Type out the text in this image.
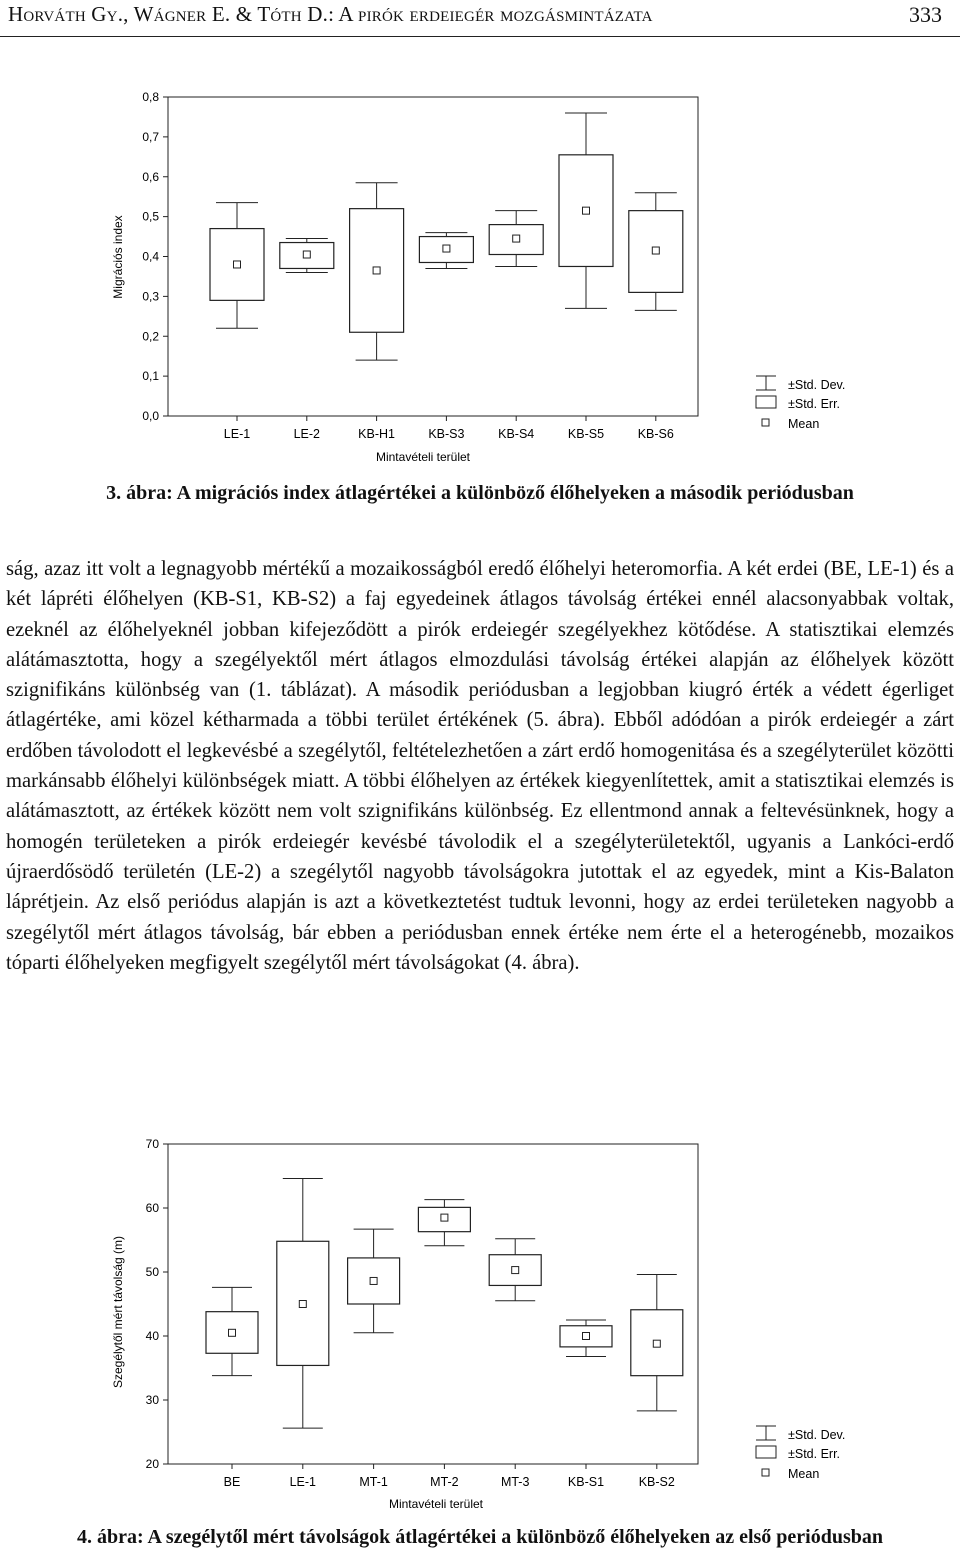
Horváth Gy., Wágner E. & Tóth D.: A pirók erdeiegér mozgásmintázata	333
0,0
0,1
0,2
0,3
0,4
0,5
0,6
0,7
0,8
LE-1	LE-2	KB-H1	KB-S3	KB-S4	KB-S5	KB-S6
Migrációs index
Mintavételi terület
±Std. Dev.
±Std. Err.
Mean
3. ábra: A migrációs index átlagértékei a különböző élőhelyeken a második periódusban

ság, azaz itt volt a legnagyobb mértékű a mozaikosságból eredő élőhelyi heteromorfia. A két erdei (BE, LE-1) és a két lápréti élőhelyen (KB-S1, KB-S2) a faj egyedeinek átlagos távolság értékei ennél alacsonyabbak voltak, ezeknél az élőhelyeknél jobban kifejeződött a pirók erdeiegér szegélyekhez kötődése. A statisztikai elemzés alátámasztotta, hogy a szegélyektől mért átlagos elmozdulási távolság értékei alapján az élőhelyek között szignifikáns különbség van (1. táblázat). A második periódusban a legjobban kiugró érték a védett égerliget átlagértéke, ami közel kétharmada a többi terület értékének (5. ábra). Ebből adódóan a pirók erdeiegér a zárt erdőben távolodott el legkevésbé a szegélytől, feltételezhetően a zárt erdő homogenitása és a szegélyterület közötti markánsabb élőhelyi különbségek miatt. A többi élőhelyen az értékek kiegyenlítettek, amit a statisztikai elemzés is alátámasztott, az értékek között nem volt szignifikáns különbség. Ez ellentmond annak a feltevésünknek, hogy a homogén területeken a pirók erdeiegér kevésbé távolodik el a szegélyterületektől, ugyanis a Lankóci-erdő újraerdősödő területén (LE-2) a szegélytől nagyobb távolságokra jutottak el az egyedek, mint a Kis-Balaton láprétjein. Az első periódus alapján is azt a következtetést tudtuk levonni, hogy az erdei területeken nagyobb a szegélytől mért átlagos távolság, bár ebben a periódusban ennek értéke nem érte el a heterogénebb, mozaikos tóparti élőhelyeken megfigyelt szegélytől mért távolságokat (4. ábra).

20
30
40
50
60
70
BE	LE-1	MT-1	MT-2	MT-3	KB-S1	KB-S2
Szegélytől mért távolság (m)
Mintavételi terület
±Std. Dev.
±Std. Err.
Mean
4. ábra: A szegélytől mért távolságok átlagértékei a különböző élőhelyeken az első periódusban
